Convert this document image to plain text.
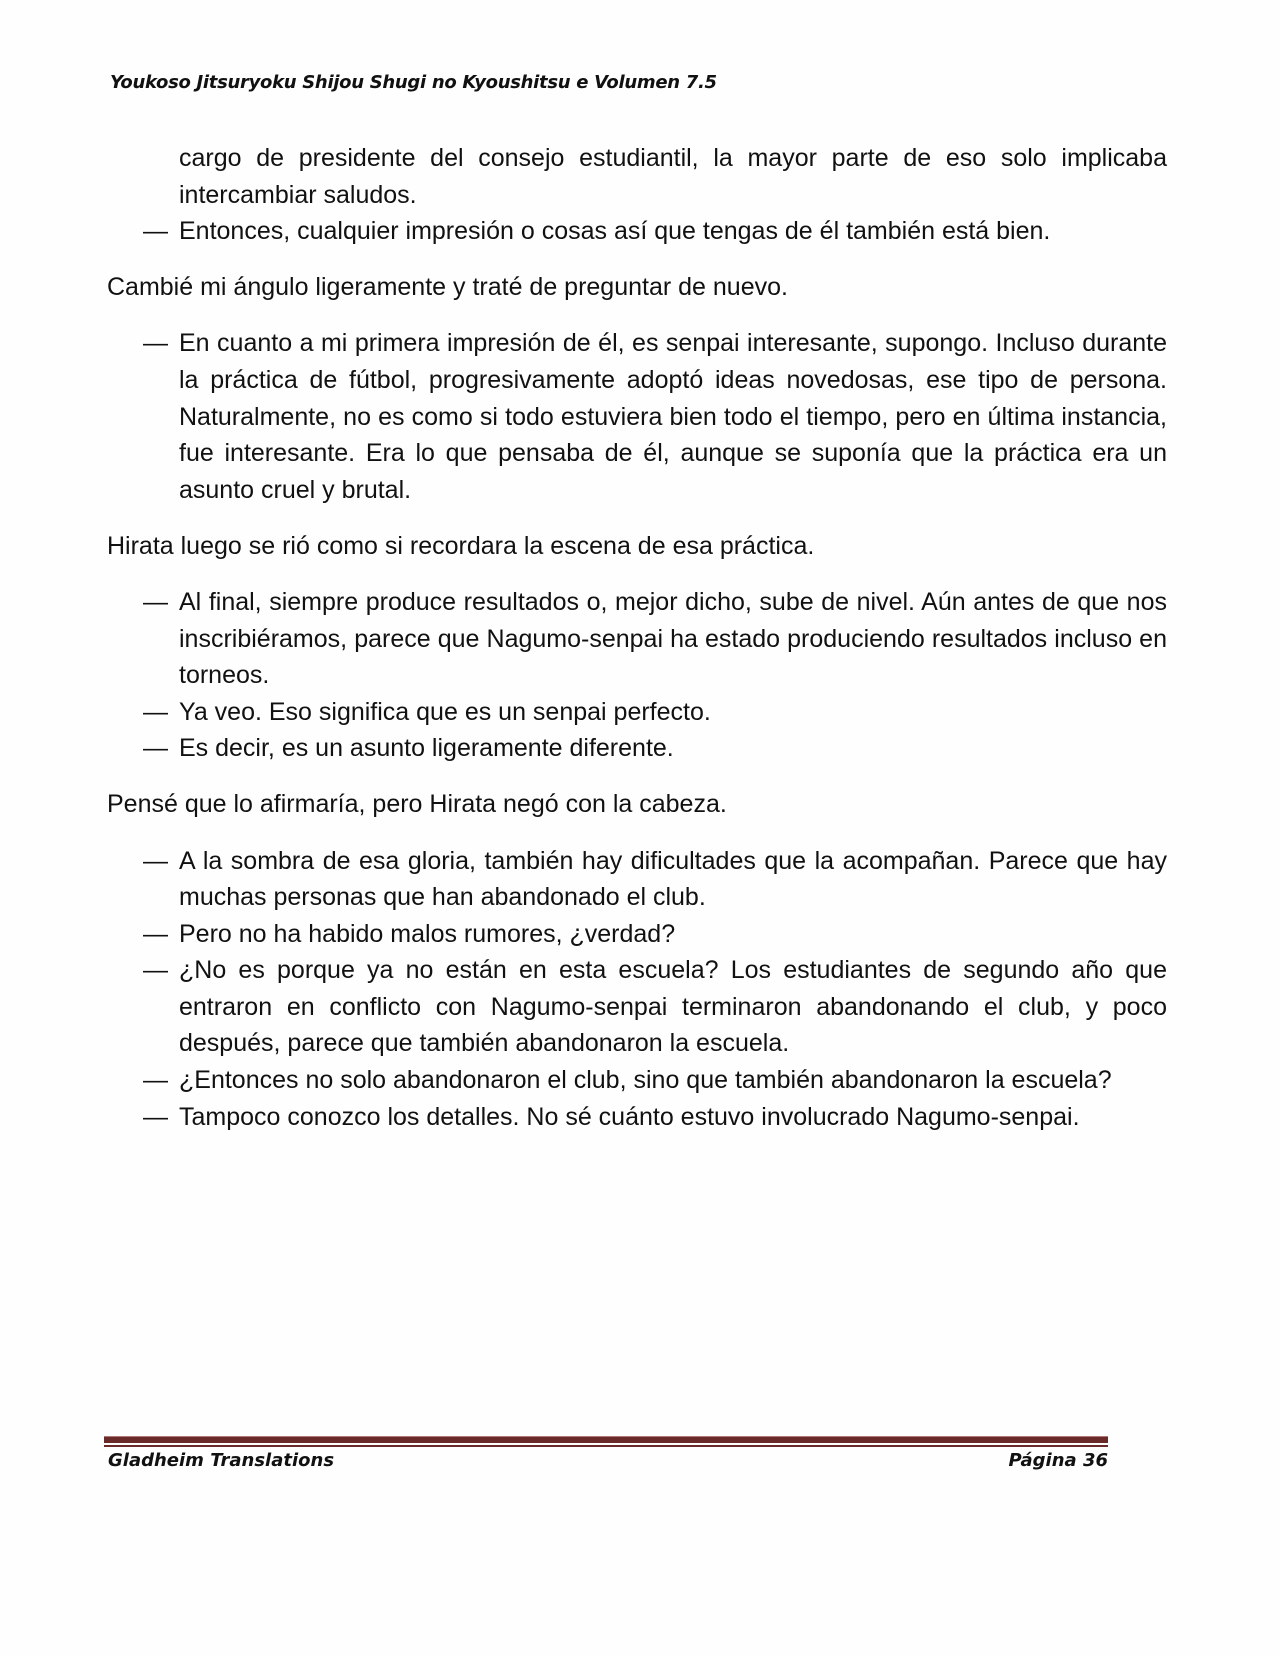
Youkoso Jitsuryoku Shijou Shugi no Kyoushitsu e Volumen 7.5

cargo de presidente del consejo estudiantil, la mayor parte de eso solo implicaba intercambiar saludos.

— Entonces, cualquier impresión o cosas así que tengas de él también está bien.

Cambié mi ángulo ligeramente y traté de preguntar de nuevo.

— En cuanto a mi primera impresión de él, es senpai interesante, supongo. Incluso durante la práctica de fútbol, progresivamente adoptó ideas novedosas, ese tipo de persona. Naturalmente, no es como si todo estuviera bien todo el tiempo, pero en última instancia, fue interesante. Era lo que pensaba de él, aunque se suponía que la práctica era un asunto cruel y brutal.

Hirata luego se rió como si recordara la escena de esa práctica.

— Al final, siempre produce resultados o, mejor dicho, sube de nivel. Aún antes de que nos inscribiéramos, parece que Nagumo-senpai ha estado produciendo resultados incluso en torneos.

— Ya veo. Eso significa que es un senpai perfecto.

— Es decir, es un asunto ligeramente diferente.

Pensé que lo afirmaría, pero Hirata negó con la cabeza.

— A la sombra de esa gloria, también hay dificultades que la acompañan. Parece que hay muchas personas que han abandonado el club.

— Pero no ha habido malos rumores, ¿verdad?

— ¿No es porque ya no están en esta escuela? Los estudiantes de segundo año que entraron en conflicto con Nagumo-senpai terminaron abandonando el club, y poco después, parece que también abandonaron la escuela.

— ¿Entonces no solo abandonaron el club, sino que también abandonaron la escuela?

— Tampoco conozco los detalles. No sé cuánto estuvo involucrado Nagumo-senpai.

Gladheim Translations	Página 36
